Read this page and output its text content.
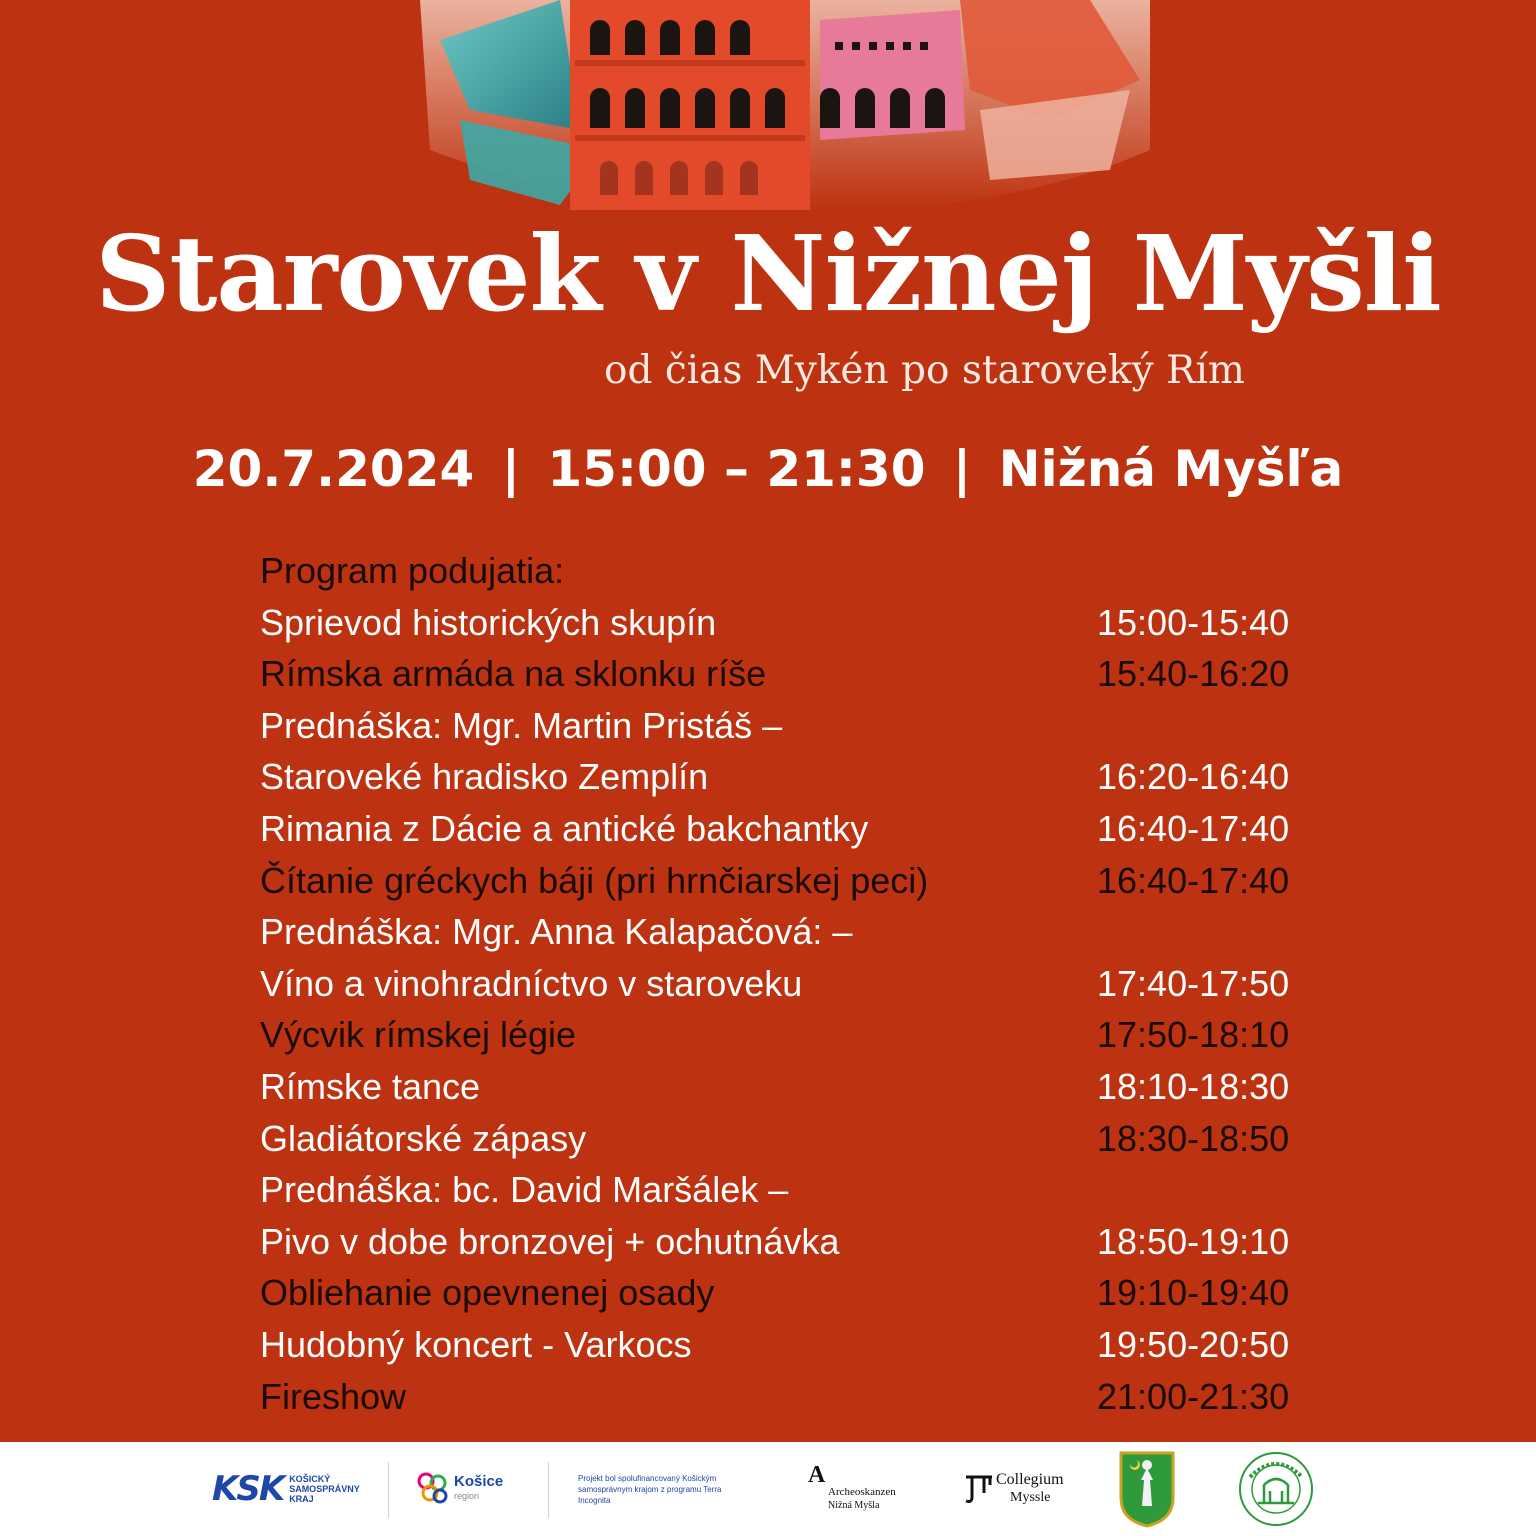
Starovek v Nižnej Myšli
od čias Mykén po staroveký Rím
20.7.2024 | 15:00 – 21:30 | Nižná Myšľa
Program podujatia:
Sprievod historických skupín	15:00-15:40
Rímska armáda na sklonku ríše	15:40-16:20
Prednáška: Mgr. Martin Pristáš –
Staroveké hradisko Zemplín	16:20-16:40
Rimania z Dácie a antické bakchantky	16:40-17:40
Čítanie gréckych báji (pri hrnčiarskej peci)	16:40-17:40
Prednáška: Mgr. Anna Kalapačová: –
Víno a vinohradníctvo v staroveku	17:40-17:50
Výcvik rímskej légie	17:50-18:10
Rímske tance	18:10-18:30
Gladiátorské zápasy	18:30-18:50
Prednáška: bc. David Maršálek –
Pivo v dobe bronzovej + ochutnávka	18:50-19:10
Obliehanie opevnenej osady	19:10-19:40
Hudobný koncert - Varkocs	19:50-20:50
Fireshow	21:00-21:30
KSK KOŠICKÝ
SAMOSPRÁVNY
KRAJ
Košice
region
Projekt bol spolufinancovaný Košickým samosprávnym krajom z programu Terra Incognita
A
Archeoskanzen
Nižná Myšla
Collegium
Myssle
